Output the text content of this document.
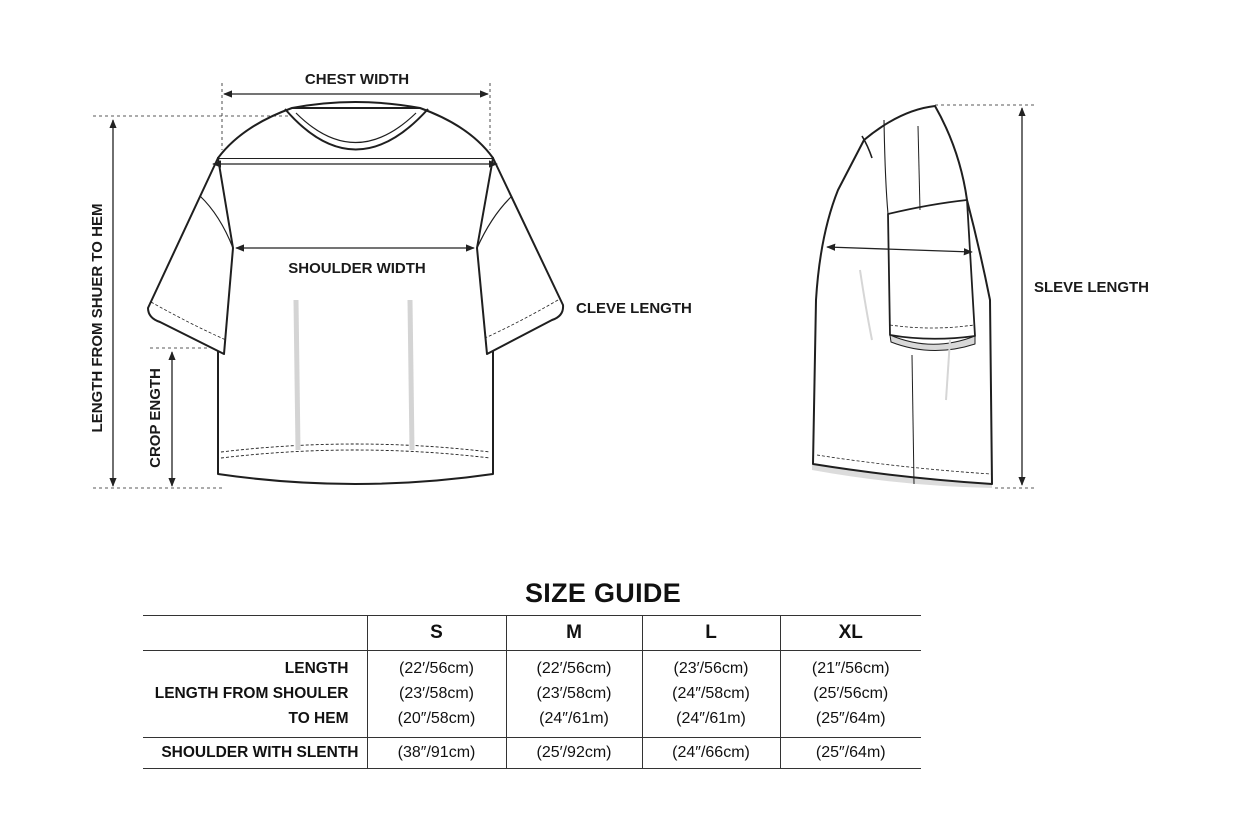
CHEST WIDTH
SHOULDER WIDTH
LENGTH FROM SHUER TO HEM	CROP ENGTH
CLEVE LENGTH
SLEVE LENGTH
SIZE GUIDE
	S	M	L	XL
LENGTH	(22′/56cm)	(22′/56cm)	(23′/56cm)	(21″/56cm)
LENGTH FROM SHOULER	(23′/58cm)	(23′/58cm)	(24″/58cm)	(25′/56cm)
TO HEM	(20″/58cm)	(24″/61m)	(24″/61m)	(25″/64m)
SHOULDER WITH SLENTH	(38″/91cm)	(25′/92cm)	(24″/66cm)	(25″/64m)
